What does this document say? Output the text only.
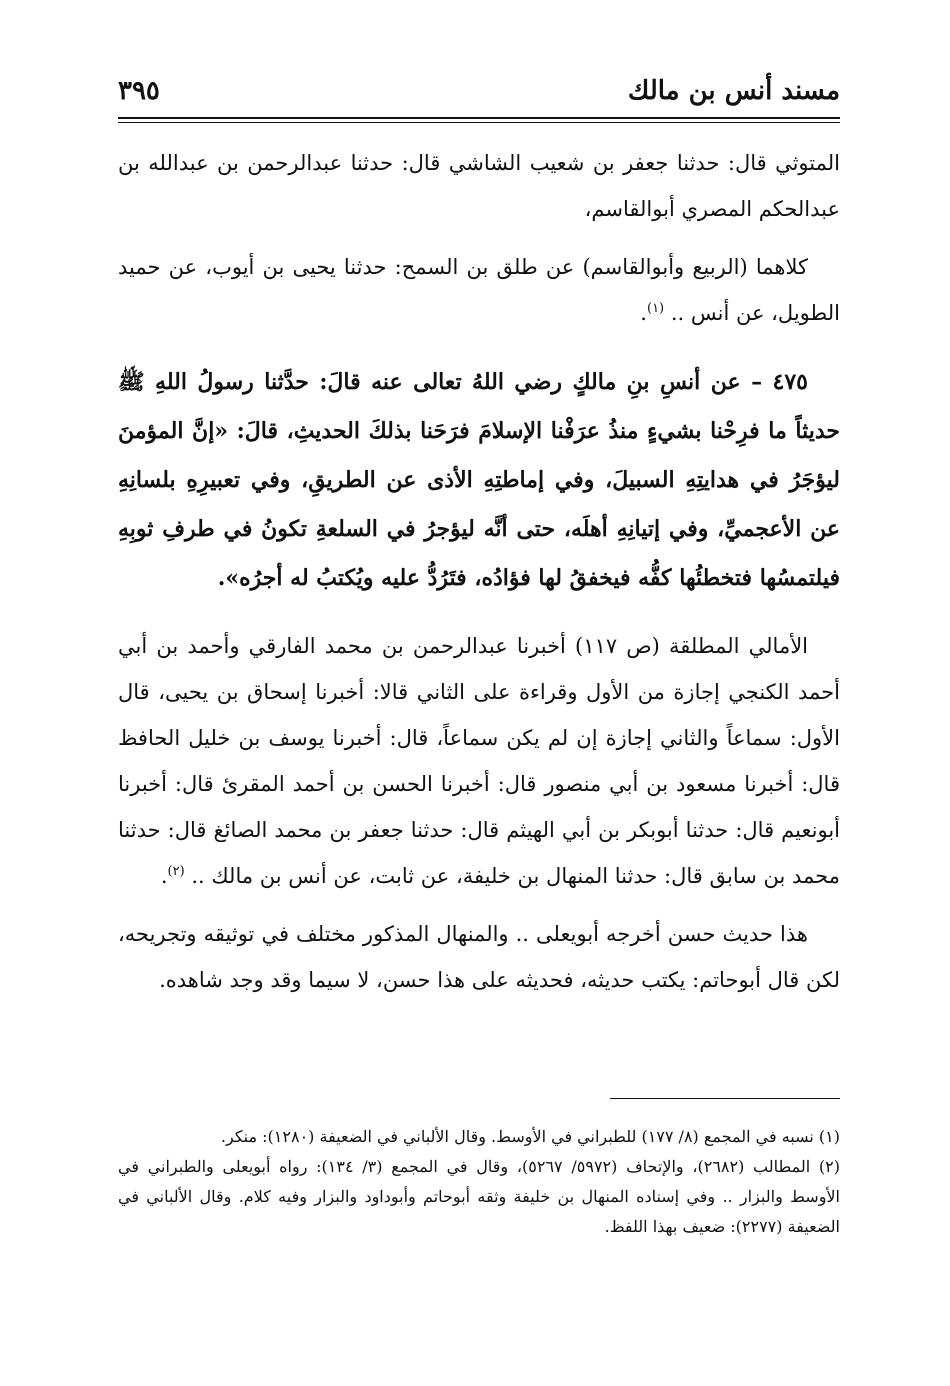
مسند أنس بن مالك
٣٩٥

المتوثي قال: حدثنا جعفر بن شعيب الشاشي قال: حدثنا عبدالرحمن بن عبدالله بن عبدالحكم المصري أبوالقاسم،

كلاهما (الربيع وأبوالقاسم) عن طلق بن السمح: حدثنا يحيى بن أيوب، عن حميد الطويل، عن أنس .. $^{(١)}$.

٤٧٥ – عن أنسِ بنِ مالكٍ رضي اللهُ تعالى عنه قالَ: حدَّثنا رسولُ اللهِ ﷺ حديثاً ما فرِحْنا بشيءٍ منذُ عرَفْنا الإسلامَ فرَحَنا بذلكَ الحديثِ، قالَ: «إنَّ المؤمنَ ليؤجَرُ في هدايتِهِ السبيلَ، وفي إماطتِهِ الأذى عن الطريقِ، وفي تعبيرِهِ بلسانِهِ عن الأعجميِّ، وفي إتيانِهِ أهلَه، حتى أنَّه ليؤجرُ في السلعةِ تكونُ في طرفِ ثوبِهِ فيلتمسُها فتخطئُها كفُّه فيخفقُ لها فؤادُه، فتَرُدُّ عليه ويُكتبُ له أجرُه».

الأمالي المطلقة (ص ١١٧) أخبرنا عبدالرحمن بن محمد الفارقي وأحمد بن أبي أحمد الكنجي إجازة من الأول وقراءة على الثاني قالا: أخبرنا إسحاق بن يحيى، قال الأول: سماعاً والثاني إجازة إن لم يكن سماعاً، قال: أخبرنا يوسف بن خليل الحافظ قال: أخبرنا مسعود بن أبي منصور قال: أخبرنا الحسن بن أحمد المقرئ قال: أخبرنا أبونعيم قال: حدثنا أبوبكر بن أبي الهيثم قال: حدثنا جعفر بن محمد الصائغ قال: حدثنا محمد بن سابق قال: حدثنا المنهال بن خليفة، عن ثابت، عن أنس بن مالك .. $^{(٢)}$.

هذا حديث حسن أخرجه أبويعلى .. والمنهال المذكور مختلف في توثيقه وتجريحه، لكن قال أبوحاتم: يكتب حديثه، فحديثه على هذا حسن، لا سيما وقد وجد شاهده.

(١) نسبه في المجمع (٨/ ١٧٧) للطبراني في الأوسط. وقال الألباني في الضعيفة (١٢٨٠): منكر.

(٢) المطالب (٢٦٨٢)، والإتحاف (٥٩٧٢/ ٥٢٦٧)، وقال في المجمع (٣/ ١٣٤): رواه أبويعلى والطبراني في الأوسط والبزار .. وفي إسناده المنهال بن خليفة وثقه أبوحاتم وأبوداود والبزار وفيه كلام. وقال الألباني في الضعيفة (٢٢٧٧): ضعيف بهذا اللفظ.
